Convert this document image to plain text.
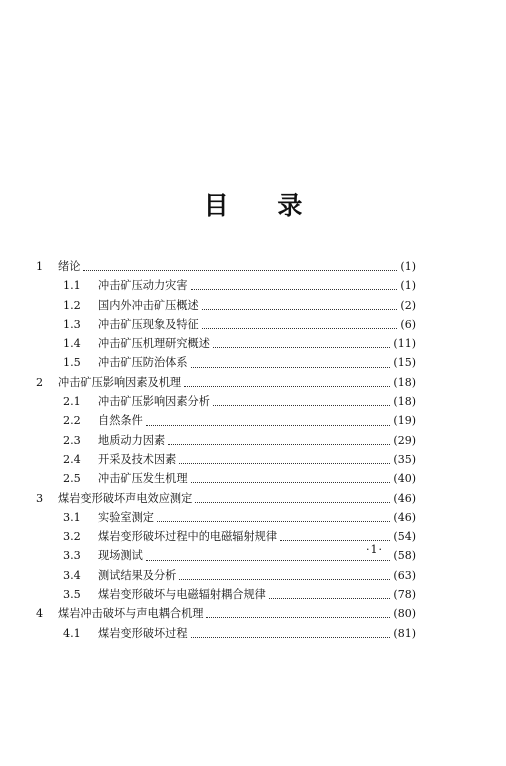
目 录
1	绪论	(1)
1.1	冲击矿压动力灾害	(1)
1.2	国内外冲击矿压概述	(2)
1.3	冲击矿压现象及特征	(6)
1.4	冲击矿压机理研究概述	(11)
1.5	冲击矿压防治体系	(15)
2	冲击矿压影响因素及机理	(18)
2.1	冲击矿压影响因素分析	(18)
2.2	自然条件	(19)
2.3	地质动力因素	(29)
2.4	开采及技术因素	(35)
2.5	冲击矿压发生机理	(40)
3	煤岩变形破坏声电效应测定	(46)
3.1	实验室测定	(46)
3.2	煤岩变形破坏过程中的电磁辐射规律	(54)
3.3	现场测试	(58)
3.4	测试结果及分析	(63)
3.5	煤岩变形破坏与电磁辐射耦合规律	(78)
4	煤岩冲击破坏与声电耦合机理	(80)
4.1	煤岩变形破坏过程	(81)
·1·
